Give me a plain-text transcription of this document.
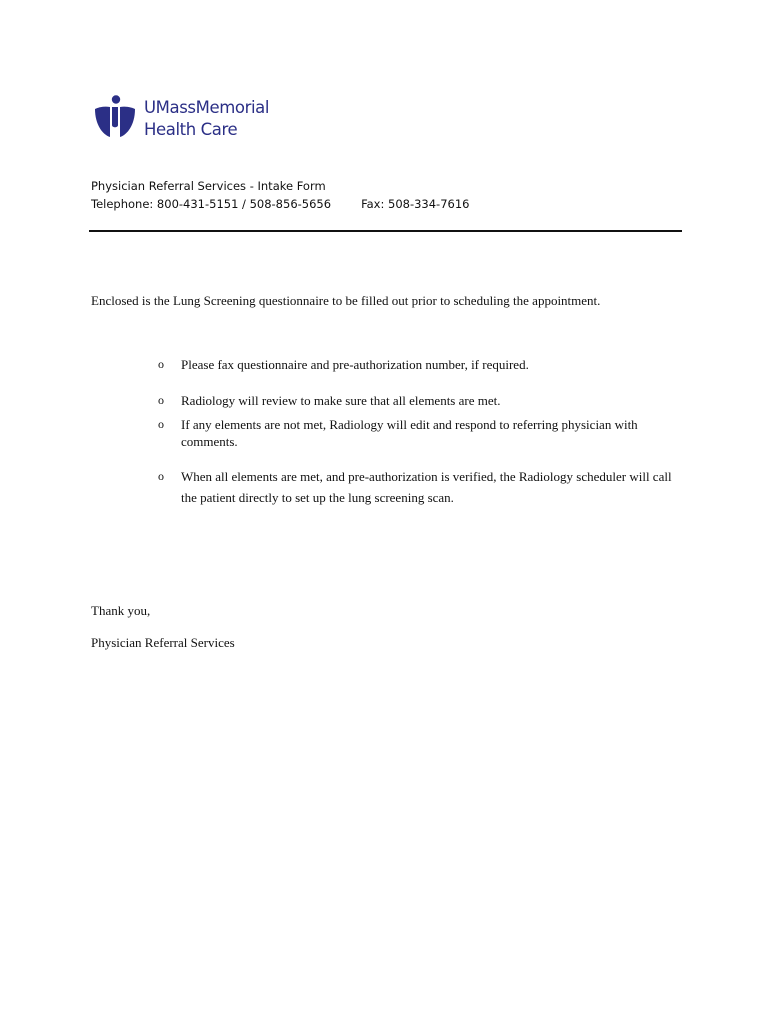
UMassMemorial
Health Care
Physician Referral Services - Intake Form
Telephone: 800-431-5151 / 508-856-5656	Fax: 508-334-7616
Enclosed is the Lung Screening questionnaire to be filled out prior to scheduling the appointment.
o Please fax questionnaire and pre-authorization number, if required.
o Radiology will review to make sure that all elements are met.
o If any elements are not met, Radiology will edit and respond to referring physician with comments.
o When all elements are met, and pre-authorization is verified, the Radiology scheduler will call the patient directly to set up the lung screening scan.
Thank you,
Physician Referral Services
